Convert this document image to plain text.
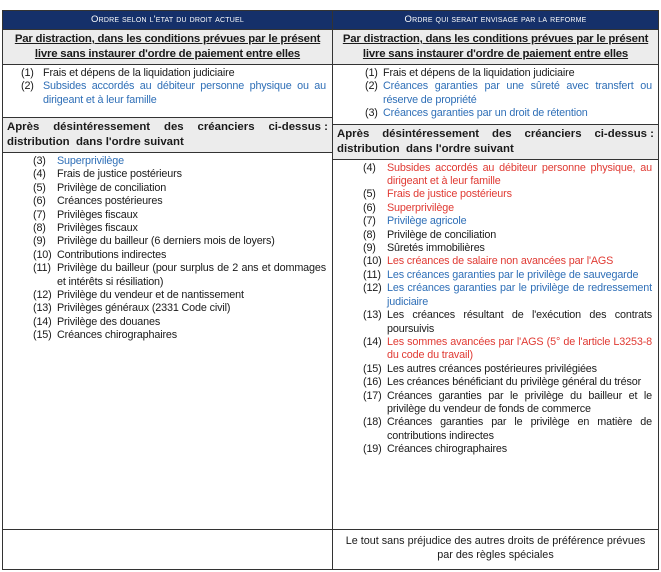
Ordre selon l'etat du droit actuel
Par distraction, dans les conditions prévues par le présent
livre sans instaurer d'ordre de paiement entre elles
(1) Frais et dépens de la liquidation judiciaire
(2) Subsides accordés au débiteur personne physique ou au dirigeant et à leur famille
Après désintéressement des créanciers ci-dessus :
distribution  dans l'ordre suivant
(3)	Superprivilège
(4)	Frais de justice postérieurs
(5)	Privilège de conciliation
(6)	Créances postérieures
(7)	Privilèges fiscaux
(8)	Privilèges fiscaux
(9)	Privilège du bailleur (6 derniers mois de loyers)
(10) Contributions indirectes
(11) Privilège du bailleur (pour surplus de 2 ans et dommages et intérêts si résiliation)
(12) Privilège du vendeur et de nantissement
(13) Privilèges généraux (2331 Code civil)
(14) Privilège des douanes
(15) Créances chirographaires
Ordre qui serait envisage par la reforme
Par distraction, dans les conditions prévues par le présent
livre sans instaurer d'ordre de paiement entre elles
(1) Frais et dépens de la liquidation judiciaire
(2) Créances garanties par une sûreté avec transfert ou réserve de propriété
(3) Créances garanties par un droit de rétention
Après désintéressement des créanciers ci-dessus :
distribution  dans l'ordre suivant
(4)	Subsides accordés au débiteur personne physique, au dirigeant et à leur famille
(5)	Frais de justice postérieurs
(6)	Superprivilège
(7)	Privilège agricole
(8)	Privilège de conciliation
(9)	Sûretés immobilières
(10) Les créances de salaire non avancées par l'AGS
(11) Les créances garanties par le privilège de sauvegarde
(12) Les créances garanties par le privilège de redressement judiciaire
(13) Les créances résultant de l'exécution des contrats poursuivis
(14) Les sommes avancées par l'AGS (5° de l'article L3253-8 du code du travail)
(15) Les autres créances postérieures privilégiées
(16) Les créances bénéficiant du privilège général du trésor
(17) Créances garanties par le privilège du bailleur et le privilège du vendeur de fonds de commerce
(18) Créances garanties par le privilège en matière de contributions indirectes
(19) Créances chirographaires
Le tout sans préjudice des autres droits de préférence prévues par des règles spéciales
